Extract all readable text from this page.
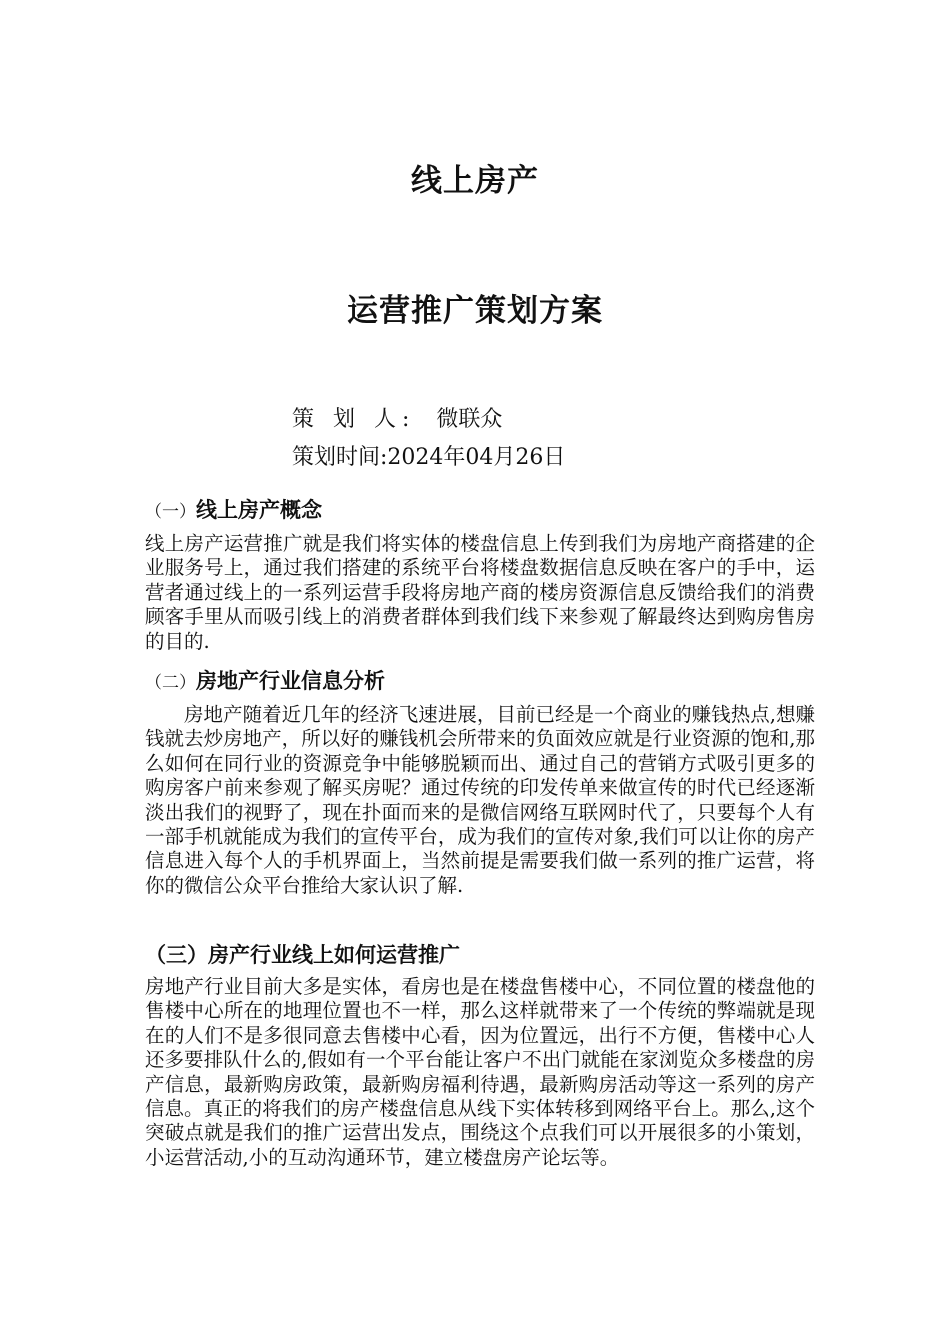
线上房产
运营推广策划方案

策 划 人: 微联众

策划时间:2024年04月26日

（一）线上房产概念

线上房产运营推广就是我们将实体的楼盘信息上传到我们为房地产商搭建的企业服务号上，通过我们搭建的系统平台将楼盘数据信息反映在客户的手中，运营者通过线上的一系列运营手段将房地产商的楼房资源信息反馈给我们的消费顾客手里从而吸引线上的消费者群体到我们线下来参观了解最终达到购房售房的目的.

（二）房地产行业信息分析

房地产随着近几年的经济飞速进展，目前已经是一个商业的赚钱热点,想赚钱就去炒房地产，所以好的赚钱机会所带来的负面效应就是行业资源的饱和,那么如何在同行业的资源竞争中能够脱颖而出、通过自己的营销方式吸引更多的购房客户前来参观了解买房呢？通过传统的印发传单来做宣传的时代已经逐渐淡出我们的视野了，现在扑面而来的是微信网络互联网时代了，只要每个人有一部手机就能成为我们的宣传平台，成为我们的宣传对象,我们可以让你的房产信息进入每个人的手机界面上，当然前提是需要我们做一系列的推广运营，将你的微信公众平台推给大家认识了解.

（三）房产行业线上如何运营推广

房地产行业目前大多是实体，看房也是在楼盘售楼中心，不同位置的楼盘他的售楼中心所在的地理位置也不一样，那么这样就带来了一个传统的弊端就是现在的人们不是多很同意去售楼中心看，因为位置远，出行不方便，售楼中心人还多要排队什么的,假如有一个平台能让客户不出门就能在家浏览众多楼盘的房产信息，最新购房政策，最新购房福利待遇，最新购房活动等这一系列的房产信息。真正的将我们的房产楼盘信息从线下实体转移到网络平台上。那么,这个突破点就是我们的推广运营出发点，围绕这个点我们可以开展很多的小策划，小运营活动,小的互动沟通环节，建立楼盘房产论坛等。
